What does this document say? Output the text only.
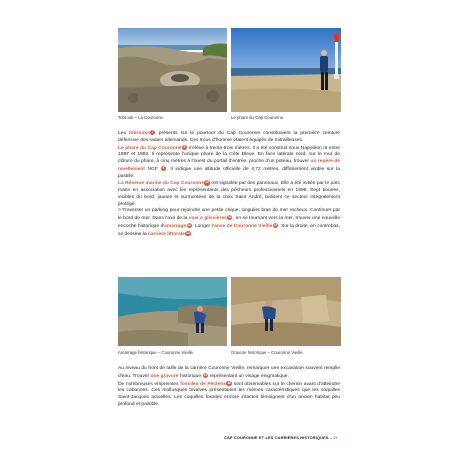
Tobrouk – La Couronne.	Le phare du Cap Couronne.

Les tobrouks 7 présents sur le pourtour du Cap Couronne constituaient la première ceinture défensive des radars allemands. Ces trous d'homme étaient équipés de mitrailleuses.

Le phare du Cap Couronne 8 s'élève à trente-trois mètres. Il a été construit sous Napoléon III entre 1887 et 1892. Il représente l'unique phare de la Côte Bleue. En face latérale nord, sur le mur de clôture du phare, à cinq mètres à l'ouest du portail d'entrée, proche d'un poteau, trouver un repère de nivellement NGF 9 . Il indique une altitude officielle de 4,72 mètres, difficilement visible sur la pastille.

La Réserve marine du Cap Couronne10 est signalée par des panneaux. Elle a été initiée par le parc marin en association avec les représentants des pêcheurs professionnels en 1996. Sept bouées, visibles du bord, jaunes et surmontées de la croix Saint André, balisent ce secteur intégralement protégé.

> Traverser un parking pour rejoindre une petite crique, singulier bras de mer rocheux. Continuer par le bord de mer. Dans l'axe de la voie à glissières11, en se tournant vers la mer, trouver une nouvelle encoche historique d'amarrage12. Longer l'anse de Couronne Vieille13. Sur la droite, en contrebas, se dessine la carrière littorale14.

Amarrage historique – Couronne Vieille.	Gravure historique – Couronne Vieille.

Au niveau du front de taille de la carrière Couronne Vieille, remarquer une excavation souvent remplie d'eau. Trouver une gravure historique 15 représentant un visage énigmatique.

De nombreuses empreintes fossiles de Pectens16 sont observables sur le chemin avant d'atteindre les cabanons. Ces mollusques bivalves présentaient les mêmes caractéristiques que les coquilles Saint-Jacques actuelles. Les coquilles fossiles encore intactes témoignent d'un ancien habitat peu profond et paisible.

CAP COURONNE ET LES CARRIÈRES HISTORIQUES – 27
